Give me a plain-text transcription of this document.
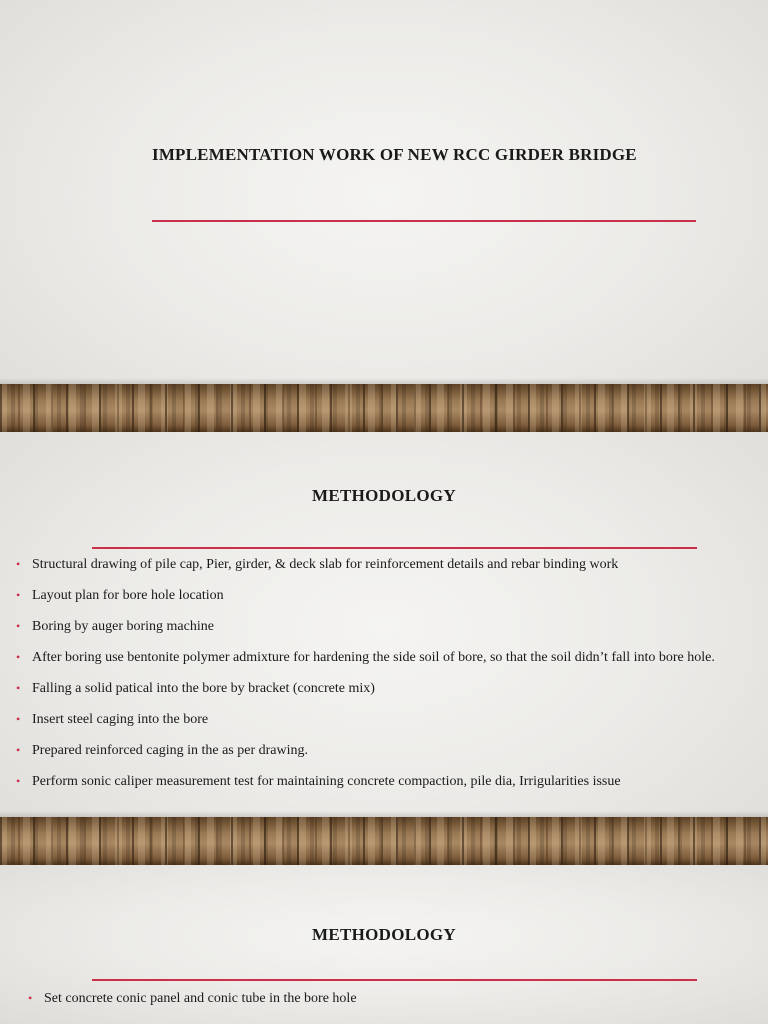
IMPLEMENTATION WORK OF NEW RCC GIRDER BRIDGE
METHODOLOGY
• Structural drawing of pile cap, Pier, girder, & deck slab for reinforcement details and rebar binding work
• Layout plan for bore hole location
• Boring by auger boring machine
• After boring use bentonite polymer admixture for hardening the side soil of bore, so that the soil didn’t fall into bore hole.
• Falling a solid patical into the bore by bracket (concrete mix)
• Insert steel caging into the bore
• Prepared reinforced caging in the as per drawing.
• Perform sonic caliper measurement test for maintaining concrete compaction, pile dia, Irrigularities issue
METHODOLOGY
• Set concrete conic panel and conic tube in the bore hole
